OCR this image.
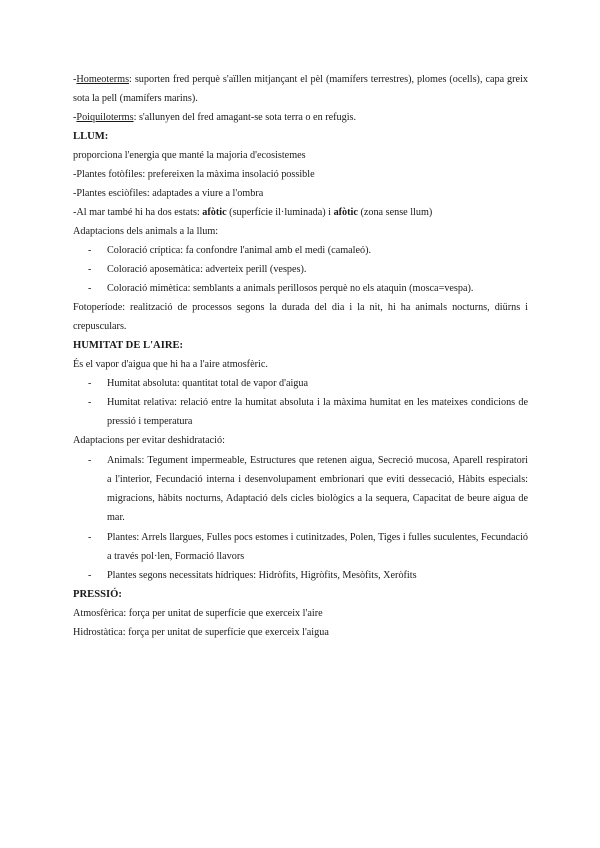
-Homeoterms: suporten fred perquè s'aïllen mitjançant el pèl (mamífers terrestres), plomes (ocells), capa greix sota la pell (mamífers marins).

-Poiquiloterms: s'allunyen del fred amagant-se sota terra o en refugis.

LLUM:

proporciona l'energia que manté la majoria d'ecosistemes

-Plantes fotòfiles: prefereixen la màxima insolació possible

-Plantes esciòfiles: adaptades a viure a l'ombra

-Al mar també hi ha dos estats: afòtic (superfície il·luminada) i afòtic (zona sense llum)

Adaptacions dels animals a la llum:

- Coloració críptica: fa confondre l'animal amb el medi (camaleó).

- Coloració aposemàtica: adverteix perill (vespes).

- Coloració mimètica: semblants a animals perillosos perquè no els ataquin (mosca=vespa).

Fotoperíode: realització de processos segons la durada del dia i la nit, hi ha animals nocturns, diürns i crepusculars.

HUMITAT DE L'AIRE:

És el vapor d'aigua que hi ha a l'aire atmosfèric.

- Humitat absoluta: quantitat total de vapor d'aigua

- Humitat relativa: relació entre la humitat absoluta i la màxima humitat en les mateixes condicions de pressió i temperatura

Adaptacions per evitar deshidratació:

- Animals: Tegument impermeable, Estructures que retenen aigua, Secreció mucosa, Aparell respiratori a l'interior, Fecundació interna i desenvolupament embrionari que eviti dessecació, Hàbits especials: migracions, hàbits nocturns, Adaptació dels cicles biològics a la sequera, Capacitat de beure aigua de mar.

- Plantes: Arrels llargues, Fulles pocs estomes i cutinitzades, Polen, Tiges i fulles suculentes, Fecundació a través pol·len, Formació llavors

- Plantes segons necessitats hídriques: Hidròfits, Higròfits, Mesòfits, Xeròfits

PRESSIÓ:

Atmosfèrica: força per unitat de superfície que exerceix l'aire

Hidrostàtica: força per unitat de superfície que exerceix l'aigua
